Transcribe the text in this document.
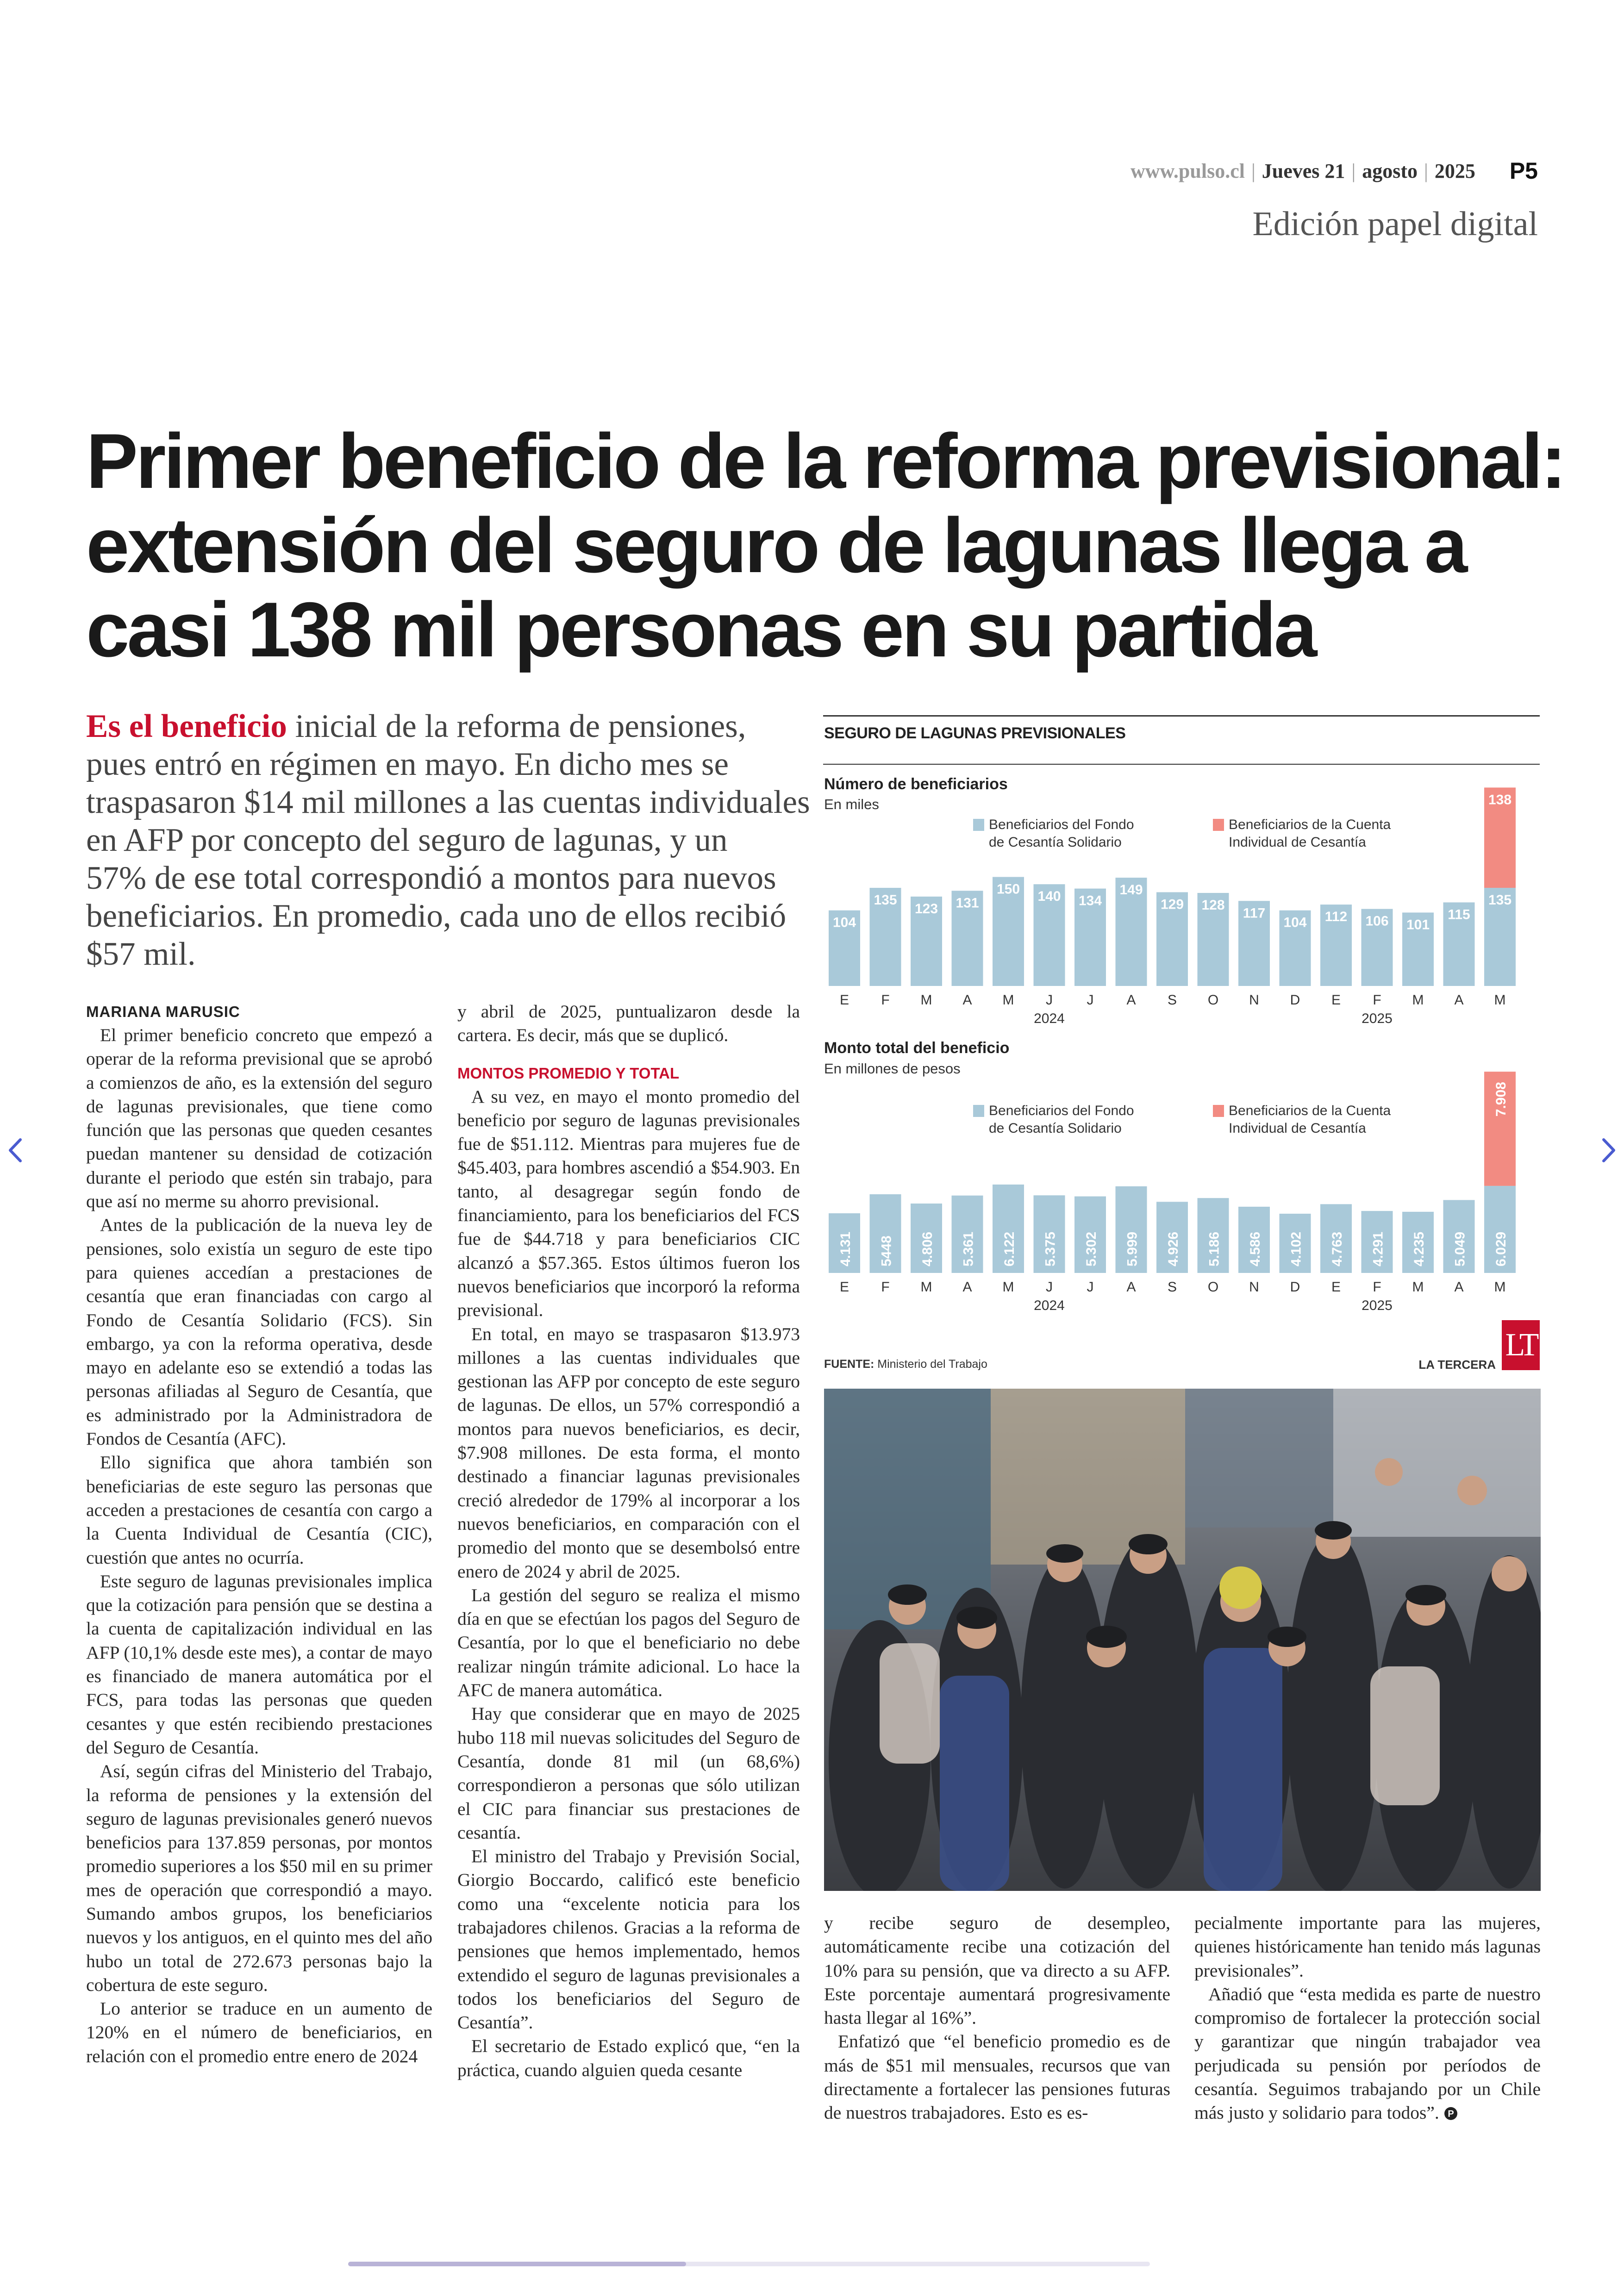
www.pulso.cl | Jueves 21 | agosto | 2025 P5
Edición papel digital
Primer beneficio de la reforma previsional:
extensión del seguro de lagunas llega a
casi 138 mil personas en su partida
Es el beneficio inicial de la reforma de pensiones,
pues entró en régimen en mayo. En dicho mes se
traspasaron $14 mil millones a las cuentas individuales
en AFP por concepto del seguro de lagunas, y un
57% de ese total correspondió a montos para nuevos
beneficiarios. En promedio, cada uno de ellos recibió
$57 mil.
MARIANA MARUSIC

El primer beneficio concreto que empezó a operar de la reforma previsional que se aprobó a comienzos de año, es la extensión del seguro de lagunas previsionales, que tiene como función que las personas que queden cesantes puedan mantener su densidad de cotización durante el periodo que estén sin trabajo, para que así no merme su ahorro previsional.

Antes de la publicación de la nueva ley de pensiones, solo existía un seguro de este tipo para quienes accedían a prestaciones de cesantía que eran financiadas con cargo al Fondo de Cesantía Solidario (FCS). Sin embargo, ya con la reforma operativa, desde mayo en adelante eso se extendió a todas las personas afiliadas al Seguro de Cesantía, que es administrado por la Administradora de Fondos de Cesantía (AFC).

Ello significa que ahora también son beneficiarias de este seguro las personas que acceden a prestaciones de cesantía con cargo a la Cuenta Individual de Cesantía (CIC), cuestión que antes no ocurría.

Este seguro de lagunas previsionales implica que la cotización para pensión que se destina a la cuenta de capitalización individual en las AFP (10,1% desde este mes), a contar de mayo es financiado de manera automática por el FCS, para todas las personas que queden cesantes y que estén recibiendo prestaciones del Seguro de Cesantía.

Así, según cifras del Ministerio del Trabajo, la reforma de pensiones y la extensión del seguro de lagunas previsionales generó nuevos beneficios para 137.859 personas, por montos promedio superiores a los $50 mil en su primer mes de operación que correspondió a mayo. Sumando ambos grupos, los beneficiarios nuevos y los antiguos, en el quinto mes del año hubo un total de 272.673 personas bajo la cobertura de este seguro.

Lo anterior se traduce en un aumento de 120% en el número de beneficiarios, en relación con el promedio entre enero de 2024

y abril de 2025, puntualizaron desde la cartera. Es decir, más que se duplicó.

MONTOS PROMEDIO Y TOTAL

A su vez, en mayo el monto promedio del beneficio por seguro de lagunas previsionales fue de $51.112. Mientras para mujeres fue de $45.403, para hombres ascendió a $54.903. En tanto, al desagregar según fondo de financiamiento, para los beneficiarios del FCS fue de $44.718 y para beneficiarios CIC alcanzó a $57.365. Estos últimos fueron los nuevos beneficiarios que incorporó la reforma previsional.

En total, en mayo se traspasaron $13.973 millones a las cuentas individuales que gestionan las AFP por concepto de este seguro de lagunas. De ellos, un 57% correspondió a montos para nuevos beneficiarios, es decir, $7.908 millones. De esta forma, el monto destinado a financiar lagunas previsionales creció alrededor de 179% al incorporar a los nuevos beneficiarios, en comparación con el promedio del monto que se desembolsó entre enero de 2024 y abril de 2025.

La gestión del seguro se realiza el mismo día en que se efectúan los pagos del Seguro de Cesantía, por lo que el beneficiario no debe realizar ningún trámite adicional. Lo hace la AFC de manera automática.

Hay que considerar que en mayo de 2025 hubo 118 mil nuevas solicitudes del Seguro de Cesantía, donde 81 mil (un 68,6%) correspondieron a personas que sólo utilizan el CIC para financiar sus prestaciones de cesantía.

El ministro del Trabajo y Previsión Social, Giorgio Boccardo, calificó este beneficio como una “excelente noticia para los trabajadores chilenos. Gracias a la reforma de pensiones que hemos implementado, hemos extendido el seguro de lagunas previsionales a todos los beneficiarios del Seguro de Cesantía”.

El secretario de Estado explicó que, “en la práctica, cuando alguien queda cesante

SEGURO DE LAGUNAS PREVISIONALES
Número de beneficiarios
En miles
Beneficiarios del Fondo
de Cesantía Solidario
Beneficiarios de la Cuenta
Individual de Cesantía
104
E
135
F
123
M
131
A
150
M
140
J
134
J
149
A
129
S
128
O
117
N
104
D
112
E
106
F
101
M
115
A
138
135
M
2024	2025
Monto total del beneficio
En millones de pesos
Beneficiarios del Fondo
de Cesantía Solidario
Beneficiarios de la Cuenta
Individual de Cesantía
4.131
E
5448
F
4.806
M
5.361
A
6.122
M
5.375
J
5.302
J
5.999
A
4.926
S
5.186
O
4.586
N
4.102
D
4.763
E
4.291
F
4.235
M
5.049
A
7.908
6.029
M
2024	2025
FUENTE: Ministerio del Trabajo	LA TERCERA
LT

y recibe seguro de desempleo, automáticamente recibe una cotización del 10% para su pensión, que va directo a su AFP. Este porcentaje aumentará progresivamente hasta llegar al 16%”.

Enfatizó que “el beneficio promedio es de más de $51 mil mensuales, recursos que van directamente a fortalecer las pensiones futuras de nuestros trabajadores. Esto es es-

pecialmente importante para las mujeres, quienes históricamente han tenido más lagunas previsionales”.

Añadió que “esta medida es parte de nuestro compromiso de fortalecer la protección social y garantizar que ningún trabajador vea perjudicada su pensión por períodos de cesantía. Seguimos trabajando por un Chile más justo y solidario para todos”. P
